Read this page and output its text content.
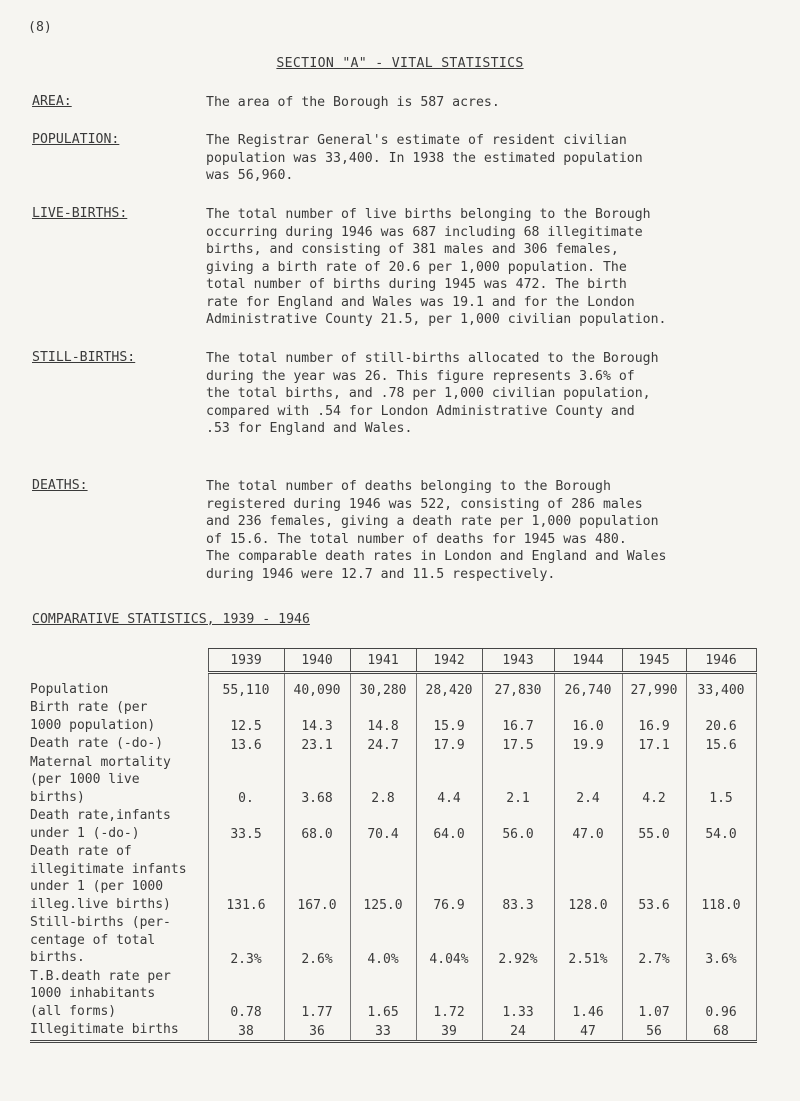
(8)
SECTION "A" - VITAL STATISTICS
AREA:	The area of the Borough is 587 acres.
POPULATION:	The Registrar General's estimate of resident civilian
population was 33,400. In 1938 the estimated population
was 56,960.
LIVE-BIRTHS:	The total number of live births belonging to the Borough
occurring during 1946 was 687 including 68 illegitimate
births, and consisting of 381 males and 306 females,
giving a birth rate of 20.6 per 1,000 population. The
total number of births during 1945 was 472. The birth
rate for England and Wales was 19.1 and for the London
Administrative County 21.5, per 1,000 civilian population.
STILL-BIRTHS:	The total number of still-births allocated to the Borough
during the year was 26. This figure represents 3.6% of
the total births, and .78 per 1,000 civilian population,
compared with .54 for London Administrative County and
.53 for England and Wales.
DEATHS:	The total number of deaths belonging to the Borough
registered during 1946 was 522, consisting of 286 males
and 236 females, giving a death rate per 1,000 population
of 15.6. The total number of deaths for 1945 was 480.
The comparable death rates in London and England and Wales
during 1946 were 12.7 and 11.5 respectively.
COMPARATIVE STATISTICS, 1939 - 1946
	1939	1940	1941	1942	1943	1944	1945	1946

Population	55,110	40,090	30,280	28,420	27,830	26,740	27,990	33,400

Birth rate (per
1000 population)	12.5	14.3	14.8	15.9	16.7	16.0	16.9	20.6

Death rate (-do-)	13.6	23.1	24.7	17.9	17.5	19.9	17.1	15.6

Maternal mortality
(per 1000 live
births)	0.	3.68	2.8	4.4	2.1	2.4	4.2	1.5

Death rate,infants
under 1 (-do-)	33.5	68.0	70.4	64.0	56.0	47.0	55.0	54.0

Death rate of
illegitimate infants
under 1 (per 1000
illeg.live births)	131.6	167.0	125.0	76.9	83.3	128.0	53.6	118.0

Still-births (per-
centage of total
births.	2.3%	2.6%	4.0%	4.04%	2.92%	2.51%	2.7%	3.6%

T.B.death rate per
1000 inhabitants
(all forms)	0.78	1.77	1.65	1.72	1.33	1.46	1.07	0.96

Illegitimate births	38	36	33	39	24	47	56	68
